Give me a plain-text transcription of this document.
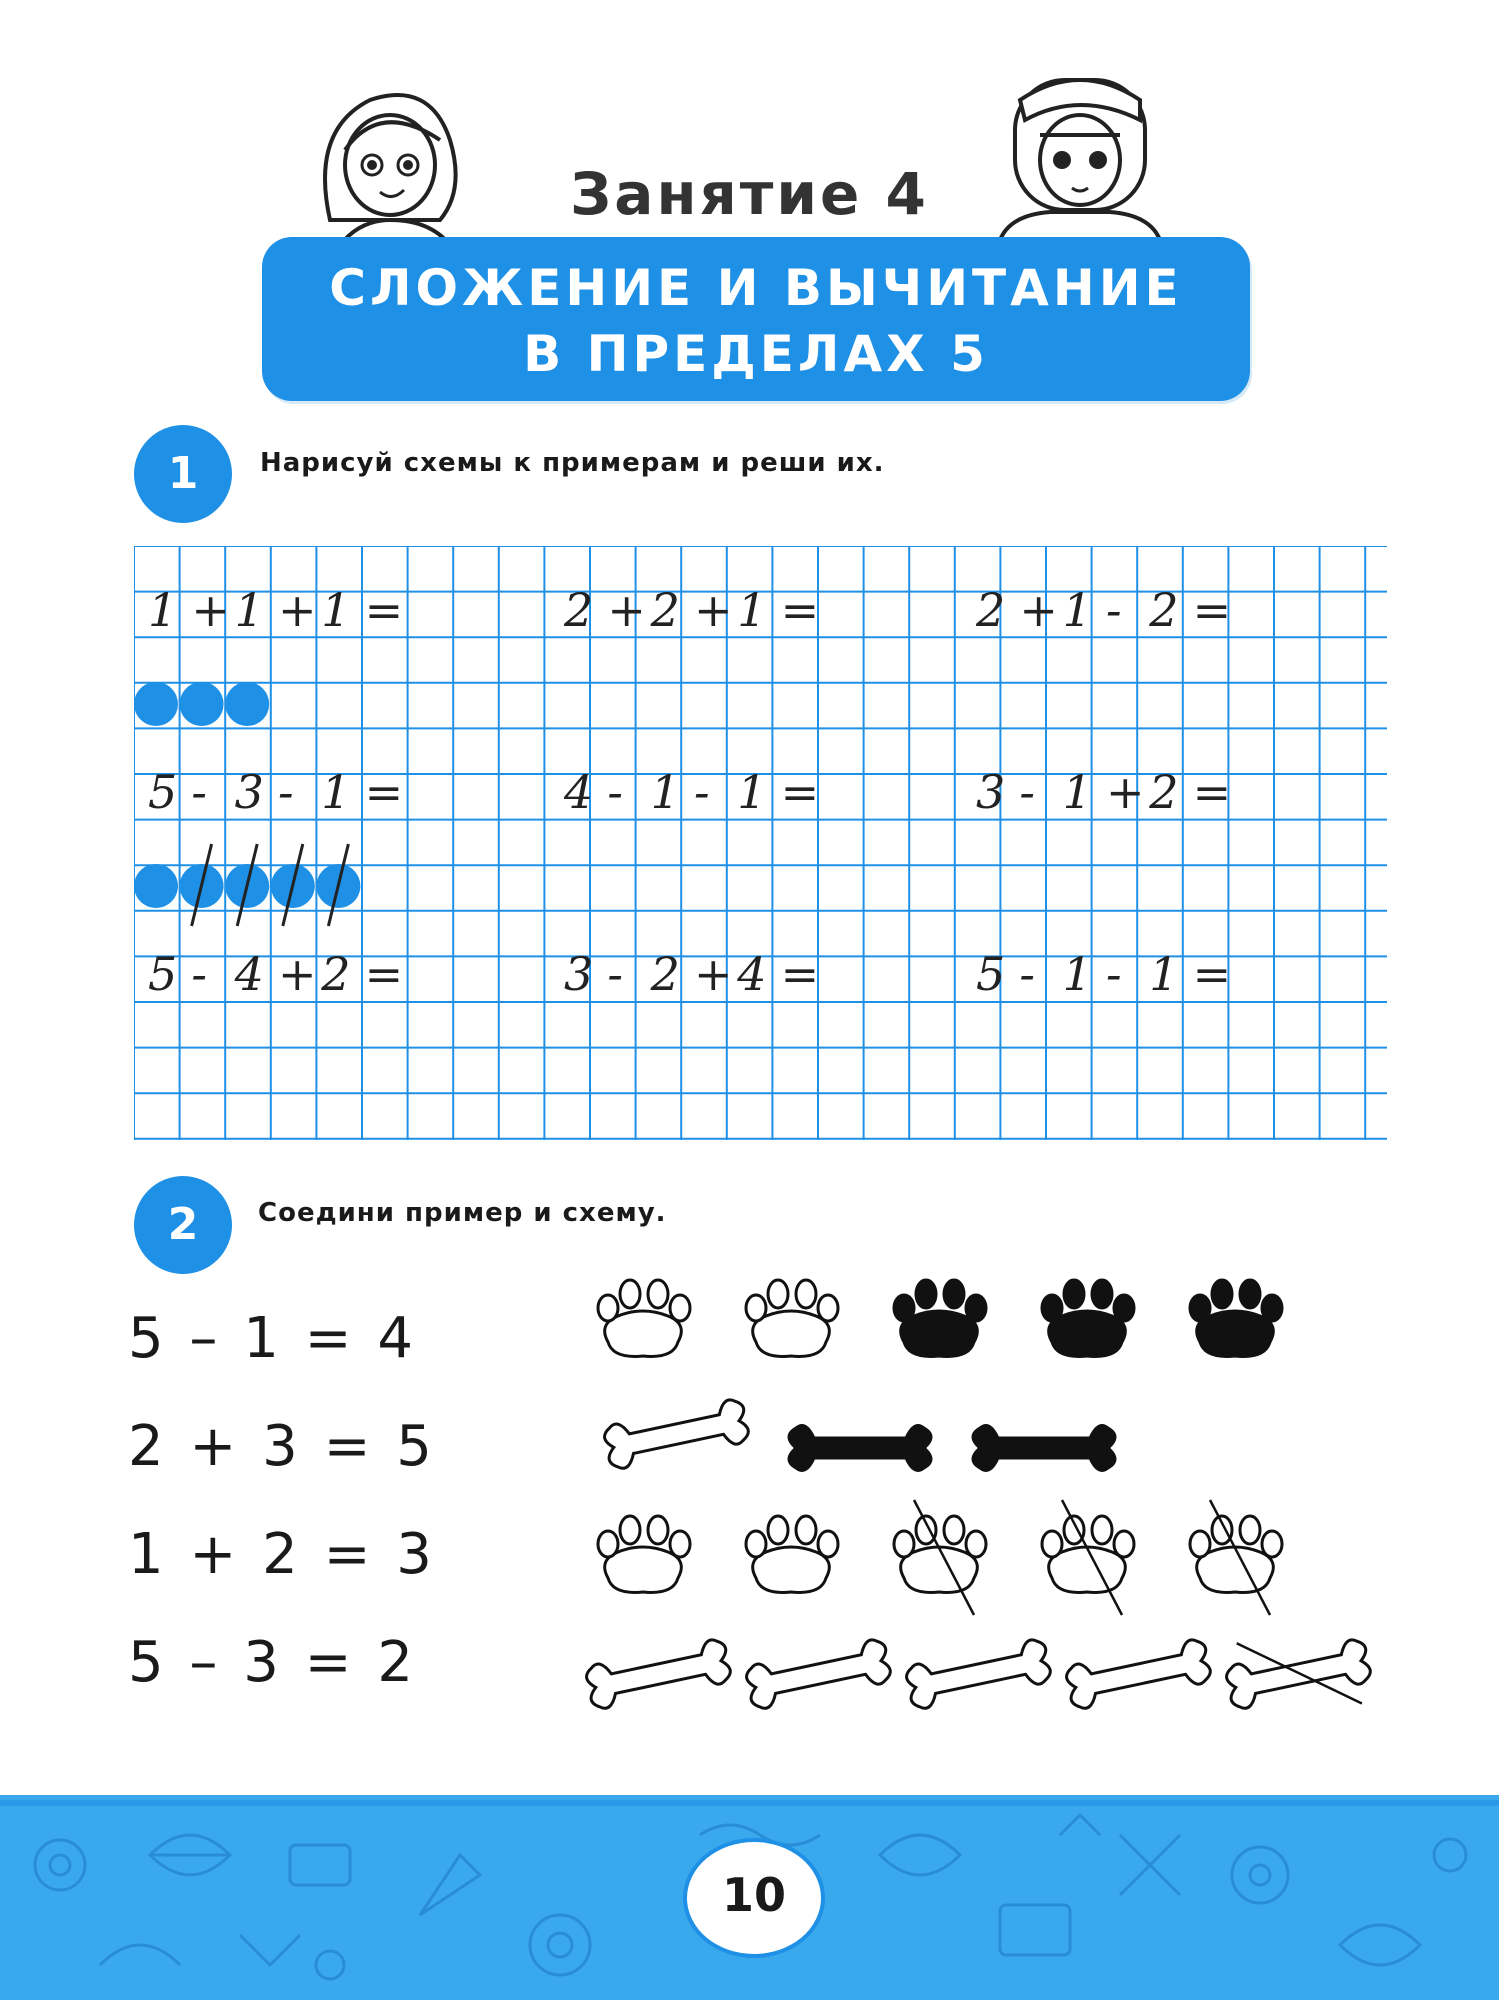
Занятие 4
СЛОЖЕНИЕ И ВЫЧИТАНИЕ
В ПРЕДЕЛАХ 5
1	Нарисуй схемы к примерам и реши их.
1 + 1 + 1 =	2 + 2 + 1 =	2 + 1 - 2 =
5 - 3 - 1 =	4 - 1 - 1 =	3 - 1 + 2 =
5 - 4 + 2 =	3 - 2 + 4 =	5 - 1 - 1 =
2	Соедини пример и схему.
5 – 1 = 4
2 + 3 = 5
1 + 2 = 3
5 – 3 = 2
10
